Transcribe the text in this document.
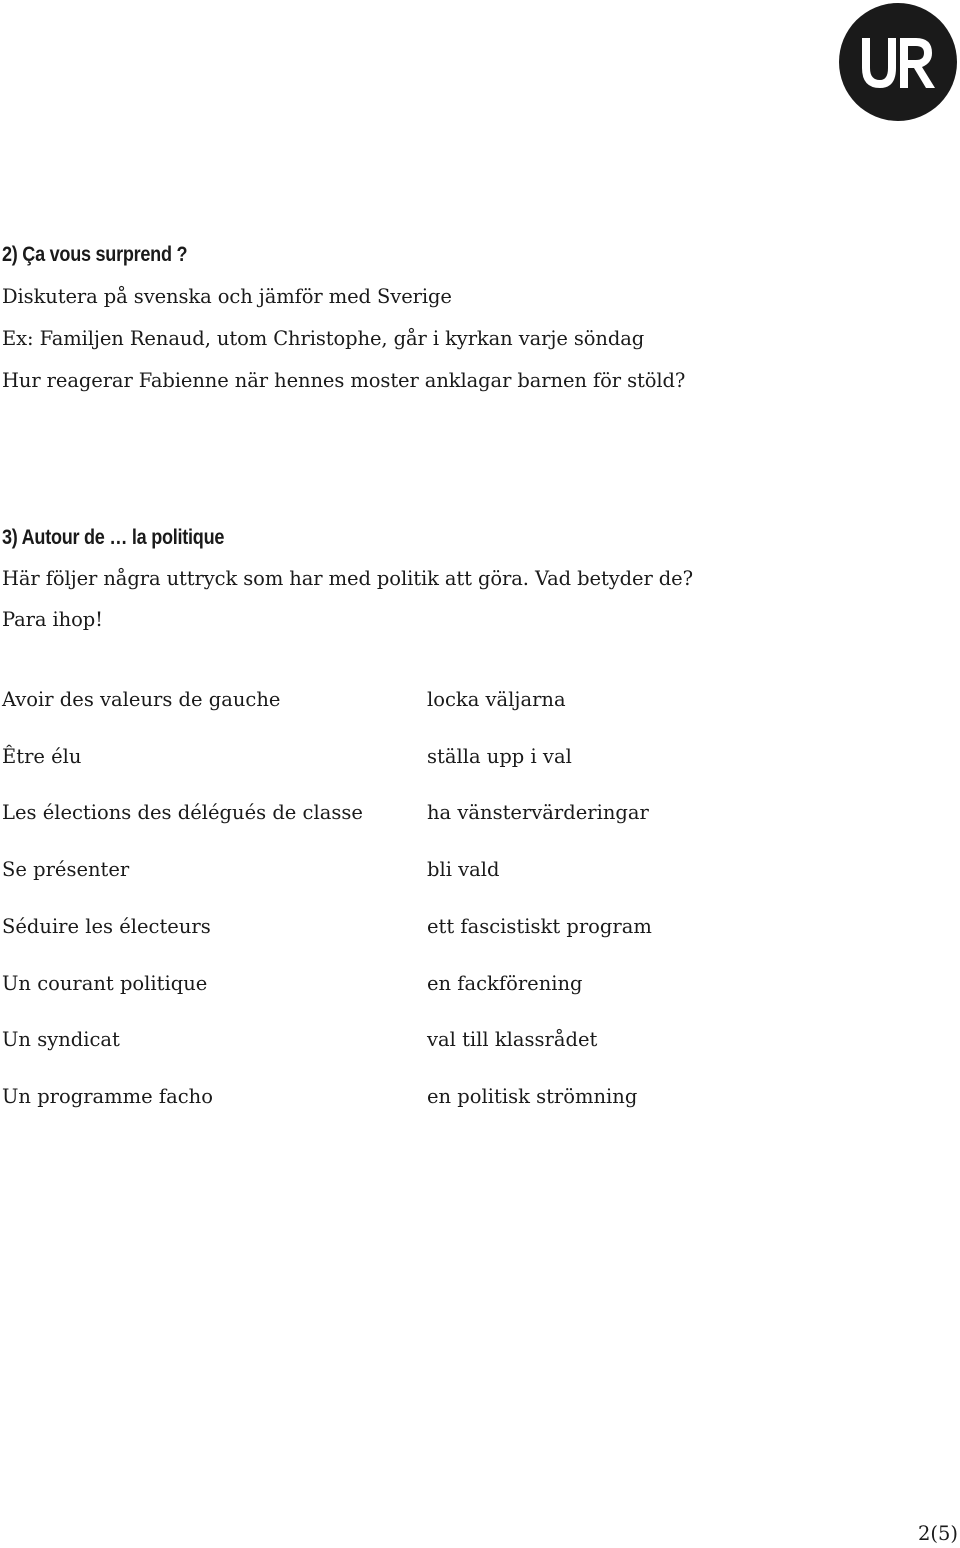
2) Ça vous surprend ?
Diskutera på svenska och jämför med Sverige
Ex: Familjen Renaud, utom Christophe, går i kyrkan varje söndag
Hur reagerar Fabienne när hennes moster anklagar barnen för stöld?
3) Autour de … la politique
Här följer några uttryck som har med politik att göra. Vad betyder de?
Para ihop!
Avoir des valeurs de gauche
Être élu
Les élections des délégués de classe
Se présenter
Séduire les électeurs
Un courant politique
Un syndicat
Un programme facho
locka väljarna
ställa upp i val
ha vänstervärderingar
bli vald
ett fascistiskt program
en fackförening
val till klassrådet
en politisk strömning
2(5)
